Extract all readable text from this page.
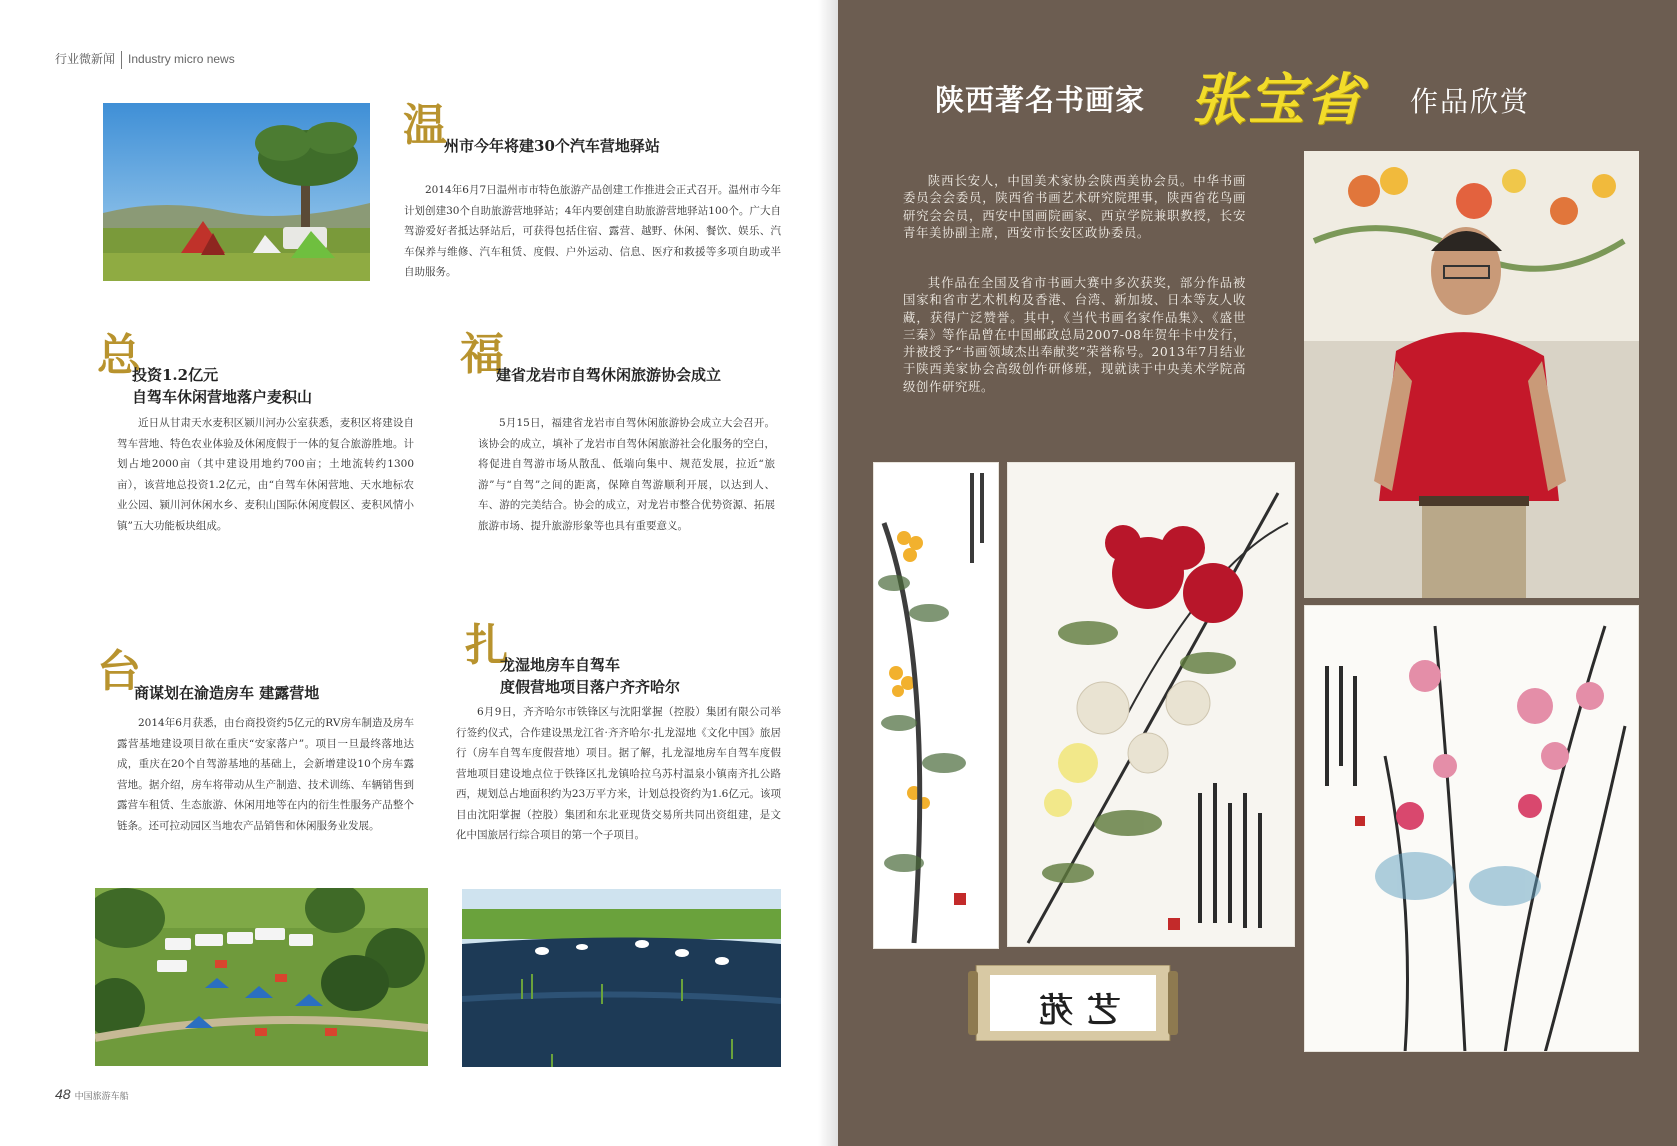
行业微新闻 Industry micro news
温
州市今年将建30个汽车营地驿站

2014年6月7日温州市市特色旅游产品创建工作推进会正式召开。温州市今年计划创建30个自助旅游营地驿站；4年内要创建自助旅游营地驿站100个。广大自驾游爱好者抵达驿站后，可获得包括住宿、露营、越野、休闲、餐饮、娱乐、汽车保养与维修、汽车租赁、度假、户外运动、信息、医疗和救援等多项自助或半自助服务。

总
投资1.2亿元
自驾车休闲营地落户麦积山

近日从甘肃天水麦积区颍川河办公室获悉，麦积区将建设自驾车营地、特色农业体验及休闲度假于一体的复合旅游胜地。计划占地2000亩（其中建设用地约700亩；土地流转约1300亩），该营地总投资1.2亿元，由“自驾车休闲营地、天水地标农业公园、颍川河休闲水乡、麦积山国际休闲度假区、麦积风情小镇”五大功能板块组成。

福
建省龙岩市自驾休闲旅游协会成立

5月15日，福建省龙岩市自驾休闲旅游协会成立大会召开。该协会的成立，填补了龙岩市自驾休闲旅游社会化服务的空白，将促进自驾游市场从散乱、低端向集中、规范发展，拉近“旅游”与“自驾”之间的距离，保障自驾游顺利开展，以达到人、车、游的完美结合。协会的成立，对龙岩市整合优势资源、拓展旅游市场、提升旅游形象等也具有重要意义。

台
商谋划在渝造房车 建露营地

2014年6月获悉，由台商投资约5亿元的RV房车制造及房车露营基地建设项目欲在重庆“安家落户”。项目一旦最终落地达成，重庆在20个自驾游基地的基础上，会新增建设10个房车露营地。据介绍，房车将带动从生产制造、技术训练、车辆销售到露营车租赁、生态旅游、休闲用地等在内的衍生性服务产品整个链条。还可拉动园区当地农产品销售和休闲服务业发展。

扎
龙湿地房车自驾车
度假营地项目落户齐齐哈尔

6月9日，齐齐哈尔市铁锋区与沈阳掌握（控股）集团有限公司举行签约仪式，合作建设黑龙江省·齐齐哈尔·扎龙湿地《文化中国》旅居行（房车自驾车度假营地）项目。据了解，扎龙湿地房车自驾车度假营地项目建设地点位于铁锋区扎龙镇哈拉乌苏村温泉小镇南齐扎公路西，规划总占地面积约为23万平方米，计划总投资约为1.6亿元。该项目由沈阳掌握（控股）集团和东北亚现货交易所共同出资组建，是文化中国旅居行综合项目的第一个子项目。

48 中国旅游车船
陕西著名书画家 张宝省 作品欣赏

陕西长安人，中国美术家协会陕西美协会员。中华书画委员会会委员，陕西省书画艺术研究院理事，陕西省花鸟画研究会会员，西安中国画院画家、西京学院兼职教授，长安青年美协副主席，西安市长安区政协委员。

其作品在全国及省市书画大赛中多次获奖，部分作品被国家和省市艺术机构及香港、台湾、新加坡、日本等友人收藏，获得广泛赞誉。其中，《当代书画名家作品集》、《盛世三秦》等作品曾在中国邮政总局2007-08年贺年卡中发行，并被授予“书画领域杰出奉献奖”荣誉称号。2013年7月结业于陕西美家协会高级创作研修班，现就读于中央美术学院高级创作研究班。

艺苑
